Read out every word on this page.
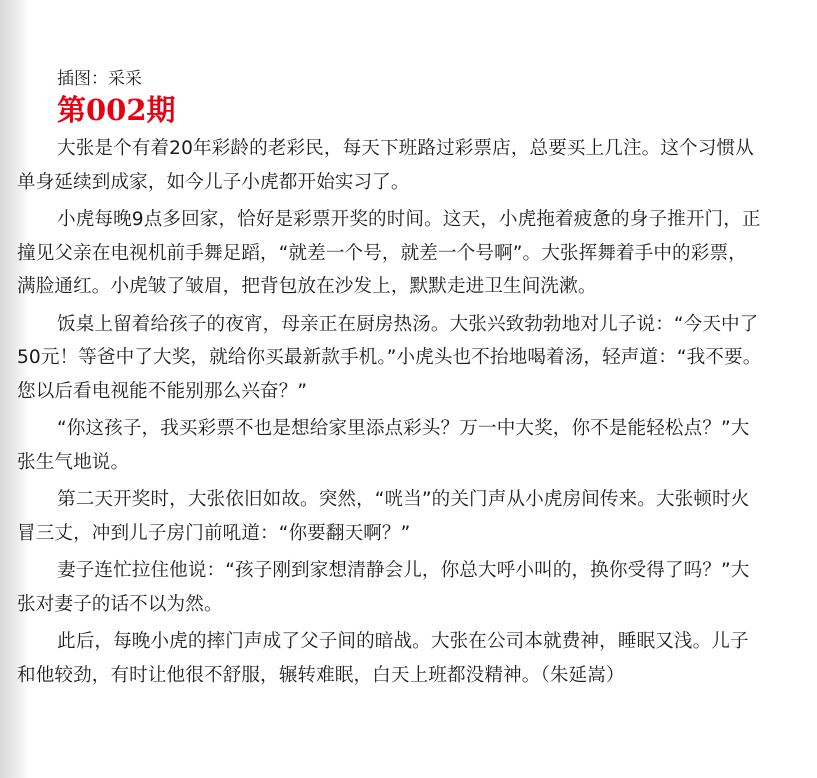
插图：采采

第002期

大张是个有着20年彩龄的老彩民，每天下班路过彩票店，总要买上几注。这个习惯从单身延续到成家，如今儿子小虎都开始实习了。

小虎每晚9点多回家，恰好是彩票开奖的时间。这天，小虎拖着疲惫的身子推开门，正撞见父亲在电视机前手舞足蹈，“就差一个号，就差一个号啊”。大张挥舞着手中的彩票，满脸通红。小虎皱了皱眉，把背包放在沙发上，默默走进卫生间洗漱。

饭桌上留着给孩子的夜宵，母亲正在厨房热汤。大张兴致勃勃地对儿子说：“今天中了50元！等爸中了大奖，就给你买最新款手机。”小虎头也不抬地喝着汤，轻声道：“我不要。您以后看电视能不能别那么兴奋？”

“你这孩子，我买彩票不也是想给家里添点彩头？万一中大奖，你不是能轻松点？”大张生气地说。

第二天开奖时，大张依旧如故。突然，“咣当”的关门声从小虎房间传来。大张顿时火冒三丈，冲到儿子房门前吼道：“你要翻天啊？”

妻子连忙拉住他说：“孩子刚到家想清静会儿，你总大呼小叫的，换你受得了吗？”大张对妻子的话不以为然。

此后，每晚小虎的摔门声成了父子间的暗战。大张在公司本就费神，睡眠又浅。儿子和他较劲，有时让他很不舒服，辗转难眠，白天上班都没精神。（朱延嵩）
